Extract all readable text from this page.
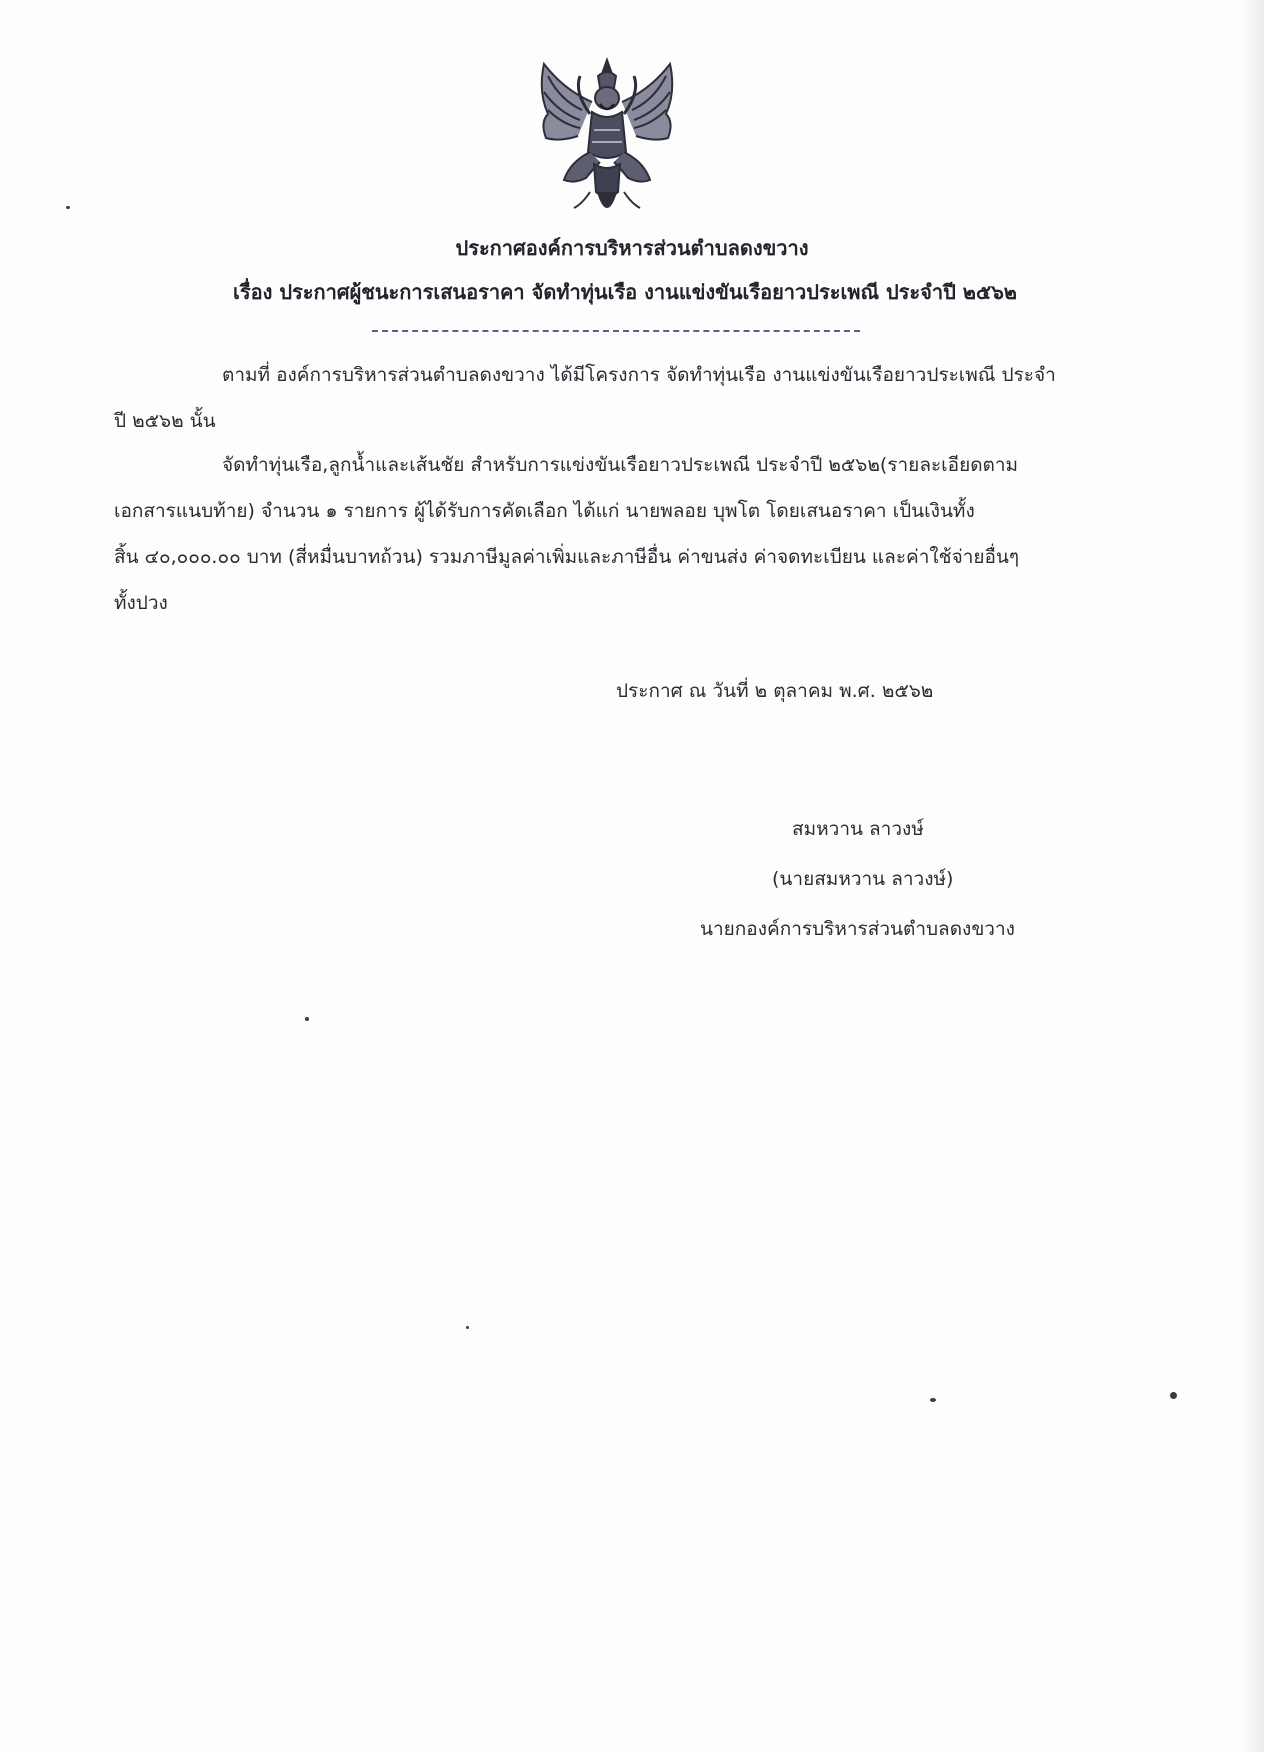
ประกาศองค์การบริหารส่วนตำบลดงขวาง
เรื่อง ประกาศผู้ชนะการเสนอราคา จัดทำทุ่นเรือ งานแข่งขันเรือยาวประเพณี ประจำปี ๒๕๖๒
ตามที่ องค์การบริหารส่วนตำบลดงขวาง ได้มีโครงการ จัดทำทุ่นเรือ งานแข่งขันเรือยาวประเพณี ประจำ
ปี ๒๕๖๒ นั้น
จัดทำทุ่นเรือ,ลูกน้ำและเส้นชัย สำหรับการแข่งขันเรือยาวประเพณี ประจำปี ๒๕๖๒(รายละเอียดตาม
เอกสารแนบท้าย) จำนวน ๑ รายการ ผู้ได้รับการคัดเลือก ได้แก่ นายพลอย บุพโต โดยเสนอราคา เป็นเงินทั้ง
สิ้น ๔๐,๐๐๐.๐๐ บาท (สี่หมื่นบาทถ้วน) รวมภาษีมูลค่าเพิ่มและภาษีอื่น ค่าขนส่ง ค่าจดทะเบียน และค่าใช้จ่ายอื่นๆ
ทั้งปวง
ประกาศ ณ วันที่ ๒ ตุลาคม พ.ศ. ๒๕๖๒
สมหวาน ลาวงษ์
(นายสมหวาน ลาวงษ์)
นายกองค์การบริหารส่วนตำบลดงขวาง
